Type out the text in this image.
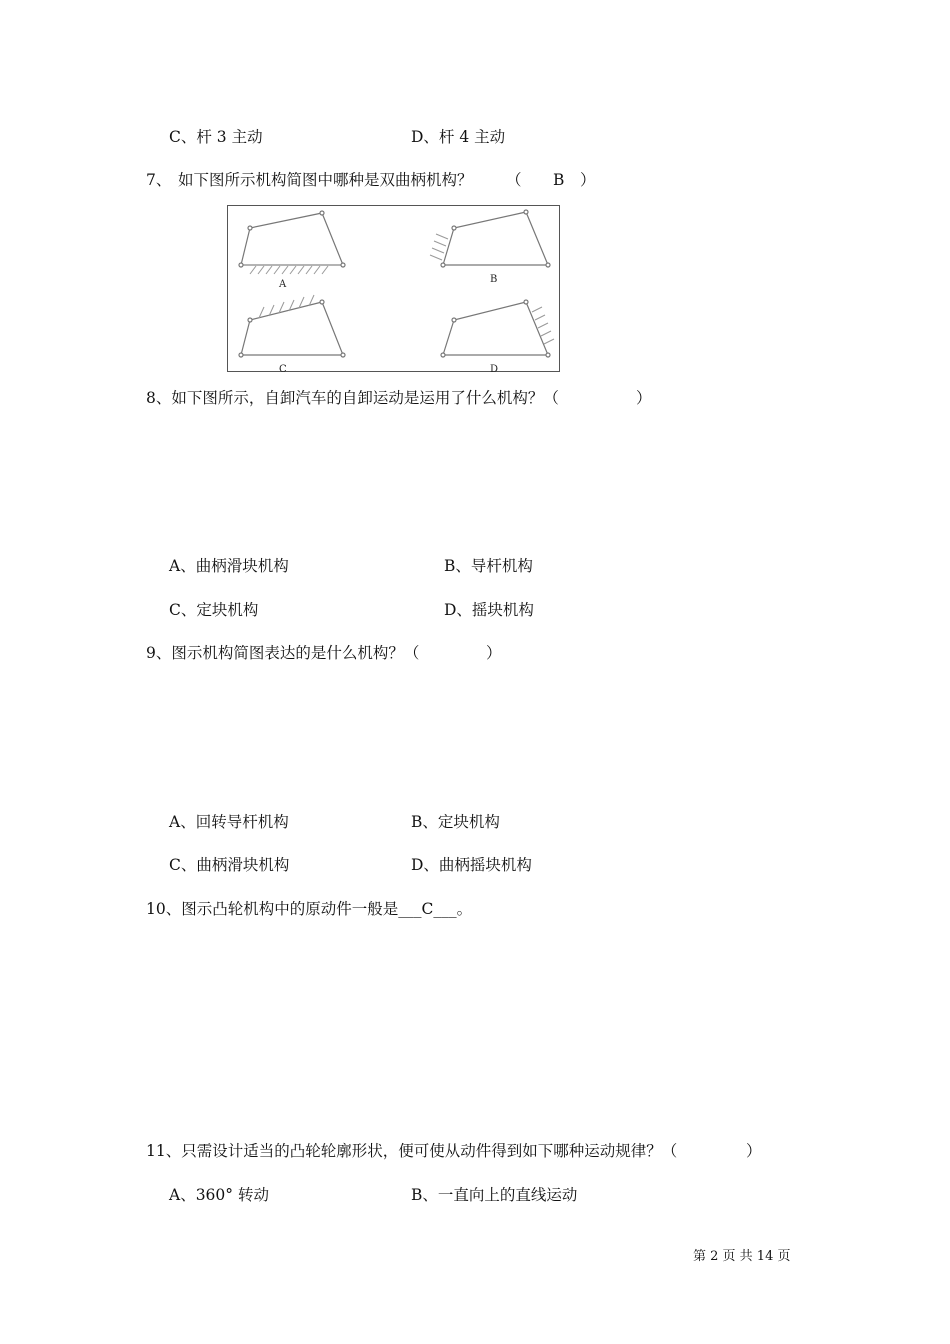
C、杆 3 主动	D、杆 4 主动
7、 如下图所示机构简图中哪种是双曲柄机构？ （ B ）
A	B
C	D
8、如下图所示，自卸汽车的自卸运动是运用了什么机构？（	）
A、曲柄滑块机构	B、导杆机构
C、定块机构	D、摇块机构
9、图示机构简图表达的是什么机构？（	）
A、回转导杆机构	B、定块机构
C、曲柄滑块机构	D、曲柄摇块机构
10、图示凸轮机构中的原动件一般是___C___。
11、只需设计适当的凸轮轮廓形状，便可使从动件得到如下哪种运动规律？（	）
A、360° 转动	B、一直向上的直线运动
第 2 页 共 14 页
